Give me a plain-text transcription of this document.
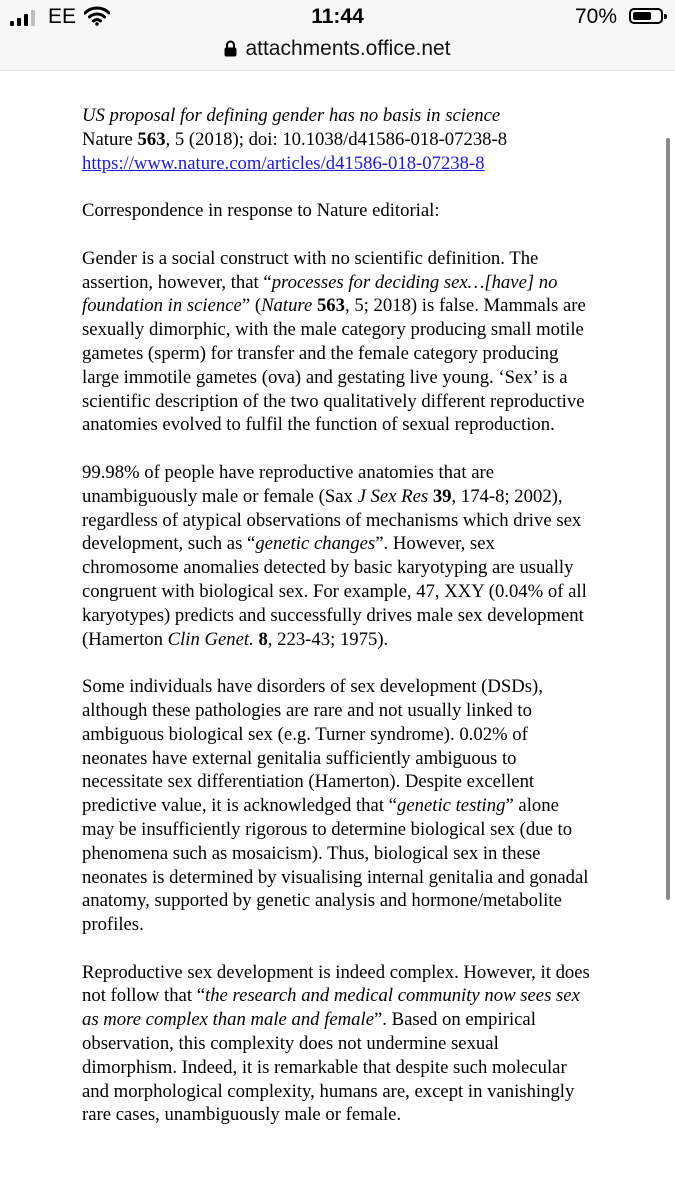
EE	11:44	70%
attachments.office.net

US proposal for defining gender has no basis in science
Nature 563, 5 (2018); doi: 10.1038/d41586-018-07238-8
https://www.nature.com/articles/d41586-018-07238-8

Correspondence in response to Nature editorial:

Gender is a social construct with no scientific definition. The assertion, however, that “processes for deciding sex…[have] no foundation in science” (Nature 563, 5; 2018) is false. Mammals are sexually dimorphic, with the male category producing small motile gametes (sperm) for transfer and the female category producing large immotile gametes (ova) and gestating live young. ‘Sex’ is a scientific description of the two qualitatively different reproductive anatomies evolved to fulfil the function of sexual reproduction.

99.98% of people have reproductive anatomies that are unambiguously male or female (Sax J Sex Res 39, 174-8; 2002), regardless of atypical observations of mechanisms which drive sex development, such as “genetic changes”. However, sex chromosome anomalies detected by basic karyotyping are usually congruent with biological sex. For example, 47, XXY (0.04% of all karyotypes) predicts and successfully drives male sex development (Hamerton Clin Genet. 8, 223-43; 1975).

Some individuals have disorders of sex development (DSDs), although these pathologies are rare and not usually linked to ambiguous biological sex (e.g. Turner syndrome). 0.02% of neonates have external genitalia sufficiently ambiguous to necessitate sex differentiation (Hamerton). Despite excellent predictive value, it is acknowledged that “genetic testing” alone may be insufficiently rigorous to determine biological sex (due to phenomena such as mosaicism). Thus, biological sex in these neonates is determined by visualising internal genitalia and gonadal anatomy, supported by genetic analysis and hormone/metabolite profiles.

Reproductive sex development is indeed complex. However, it does not follow that “the research and medical community now sees sex as more complex than male and female”. Based on empirical observation, this complexity does not undermine sexual dimorphism. Indeed, it is remarkable that despite such molecular and morphological complexity, humans are, except in vanishingly rare cases, unambiguously male or female.
